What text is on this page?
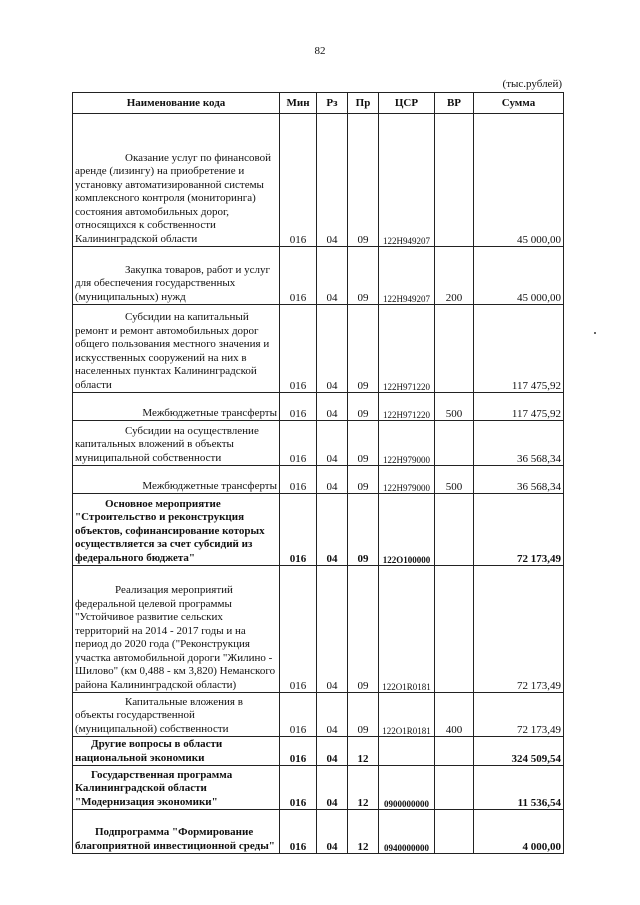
82
(тыс.рублей)
Наименование кода	Мин	Рз	Пр	ЦСР	ВР	Сумма
Оказание услуг по финансовой аренде (лизингу) на приобретение и установку автоматизированной системы комплексного контроля (мониторинга) состояния автомобильных дорог, относящихся к собственности Калининградской области	016	04	09	122Н949207		45 000,00
Закупка товаров, работ и услуг для обеспечения государственных (муниципальных) нужд	016	04	09	122Н949207	200	45 000,00
Субсидии на капитальный ремонт и ремонт автомобильных дорог общего пользования местного значения и искусственных сооружений на них в населенных пунктах Калининградской области	016	04	09	122Н971220		117 475,92
Межбюджетные трансферты	016	04	09	122Н971220	500	117 475,92
Субсидии на осуществление капитальных вложений в объекты муниципальной собственности	016	04	09	122Н979000		36 568,34
Межбюджетные трансферты	016	04	09	122Н979000	500	36 568,34
Основное мероприятие "Строительство и реконструкция объектов, софинансирование которых осуществляется за счет субсидий из федерального бюджета"	016	04	09	122О100000		72 173,49
Реализация мероприятий федеральной целевой программы "Устойчивое развитие сельских территорий на 2014 - 2017 годы и на период до 2020 года ("Реконструкция участка автомобильной дороги "Жилино - Шилово" (км 0,488 - км 3,820) Неманского района Калининградской области)	016	04	09	122О1R0181		72 173,49
Капитальные вложения в объекты государственной (муниципальной) собственности	016	04	09	122О1R0181	400	72 173,49
Другие вопросы в области национальной экономики	016	04	12			324 509,54
Государственная программа Калининградской области "Модернизация экономики"	016	04	12	0900000000		11 536,54
Подпрограмма "Формирование благоприятной инвестиционной среды"	016	04	12	0940000000		4 000,00
